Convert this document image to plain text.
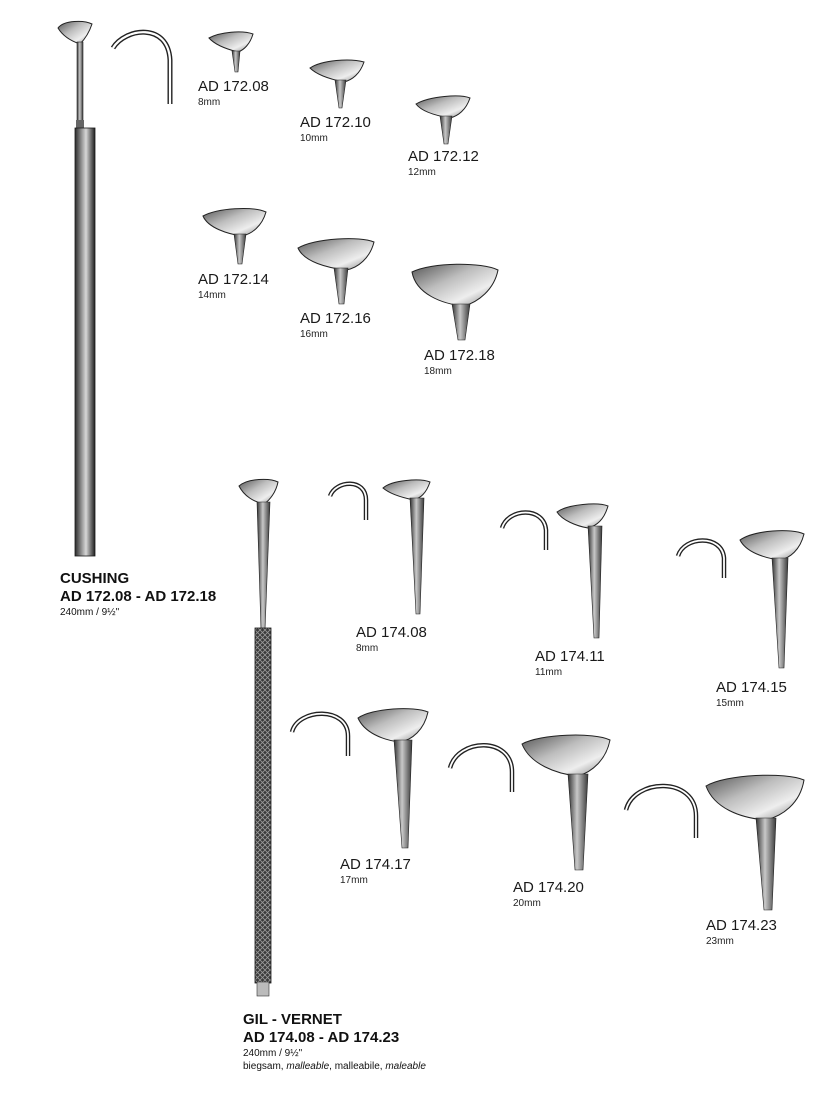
AD 172.08
8mm
AD 172.10
10mm
AD 172.12
12mm
AD 172.14
14mm
AD 172.16
16mm
AD 172.18
18mm
CUSHING
AD 172.08 - AD 172.18
240mm / 9½"
AD 174.08
8mm	AD 174.11
11mm
AD 174.15
15mm
AD 174.17
17mm	AD 174.20
20mm
AD 174.23
23mm
GIL - VERNET
AD 174.08 - AD 174.23
240mm / 9½"
biegsam, malleable, malleabile, maleable
